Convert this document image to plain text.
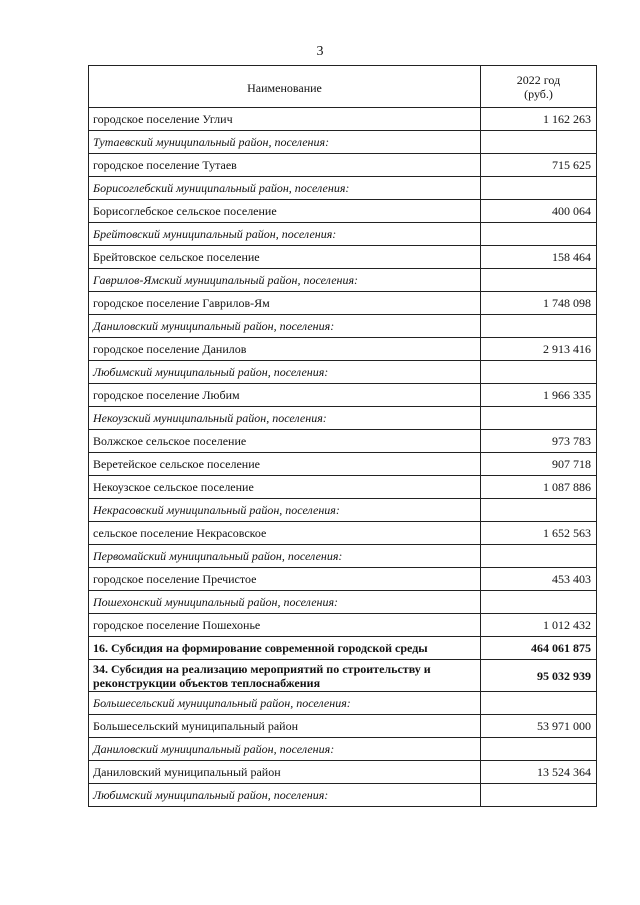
3
Наименование	2022 год
(руб.)

городское поселение Углич	1 162 263
Тутаевский муниципальный район, поселения:	
городское поселение Тутаев	715 625
Борисоглебский муниципальный район, поселения:	
Борисоглебское сельское поселение	400 064
Брейтовский муниципальный район, поселения:	
Брейтовское сельское поселение	158 464
Гаврилов-Ямский муниципальный район, поселения:	
городское поселение Гаврилов-Ям	1 748 098
Даниловский муниципальный район, поселения:	
городское поселение Данилов	2 913 416
Любимский муниципальный район, поселения:	
городское поселение Любим	1 966 335
Некоузский муниципальный район, поселения:	
Волжское сельское поселение	973 783
Веретейское сельское поселение	907 718
Некоузское сельское поселение	1 087 886
Некрасовский муниципальный район, поселения:	
сельское поселение Некрасовское	1 652 563
Первомайский муниципальный район, поселения:	
городское поселение Пречистое	453 403
Пошехонский муниципальный район, поселения:	
городское поселение Пошехонье	1 012 432
16. Субсидия на формирование современной городской среды	464 061 875
34. Субсидия на реализацию мероприятий по строительству и реконструкции объектов теплоснабжения	95 032 939
Большесельский муниципальный район, поселения:	
Большесельский муниципальный район	53 971 000
Даниловский муниципальный район, поселения:	
Даниловский муниципальный район	13 524 364
Любимский муниципальный район, поселения:	
